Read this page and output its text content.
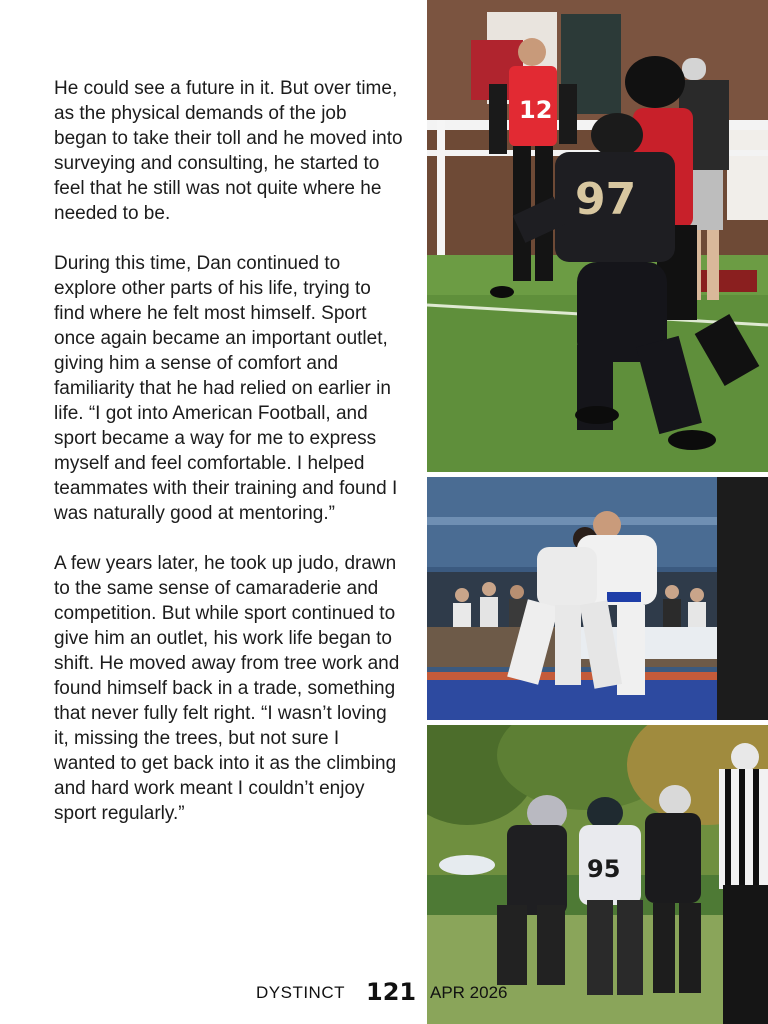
He could see a future in it. But over time, as the physical demands of the job began to take their toll and he moved into surveying and consulting, he started to feel that he still was not quite where he needed to be.

During this time, Dan continued to explore other parts of his life, trying to find where he felt most himself. Sport once again became an important outlet, giving him a sense of comfort and familiarity that he had relied on earlier in life. “I got into American Football, and sport became a way for me to express myself and feel comfortable. I helped teammates with their training and found I was naturally good at mentoring.”

A few years later, he took up judo, drawn to the same sense of camaraderie and competition. But while sport continued to give him an outlet, his work life began to shift. He moved away from tree work and found himself back in a trade, something that never fully felt right. “I wasn’t loving it, missing the trees, but not sure I wanted to get back into it as the climbing and hard work meant I couldn’t enjoy sport regularly.”

12
97
95
DYSTINCT 121 APR 2026
